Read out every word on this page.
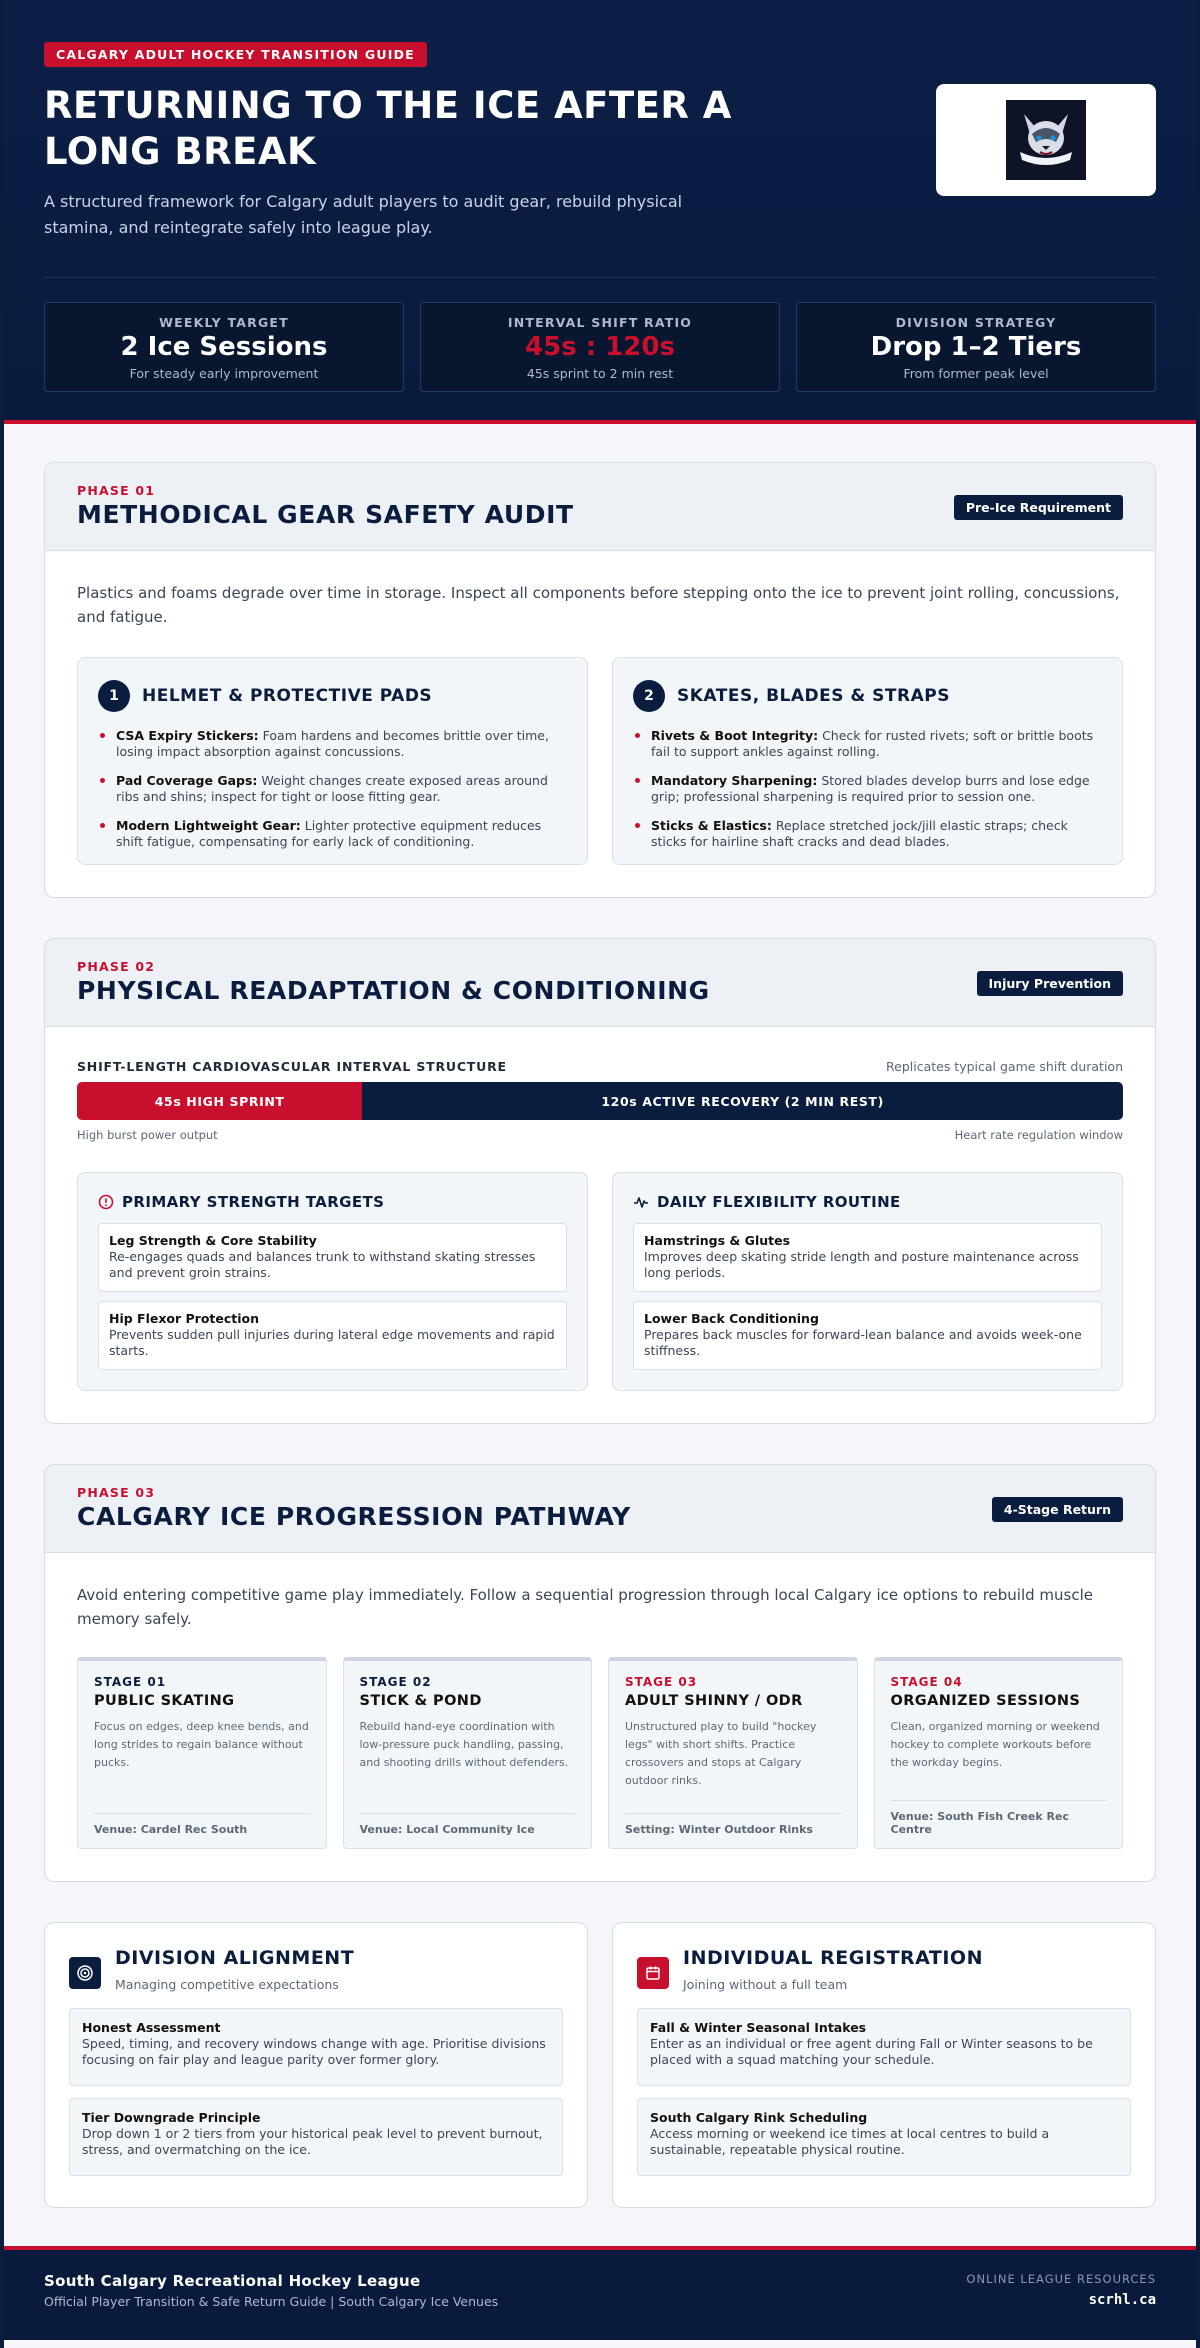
CALGARY ADULT HOCKEY TRANSITION GUIDE
RETURNING TO THE ICE AFTER A LONG BREAK

A structured framework for Calgary adult players to audit gear, rebuild physical stamina, and reintegrate safely into league play.

WEEKLY TARGET
2 Ice Sessions
For steady early improvement
INTERVAL SHIFT RATIO
45s : 120s
45s sprint to 2 min rest
DIVISION STRATEGY
Drop 1–2 Tiers
From former peak level
PHASE 01
METHODICAL GEAR SAFETY AUDIT	Pre-Ice Requirement

Plastics and foams degrade over time in storage. Inspect all components before stepping onto the ice to prevent joint rolling, concussions, and fatigue.

1	HELMET & PROTECTIVE PADS
CSA Expiry Stickers: Foam hardens and becomes brittle over time, losing impact absorption against concussions.
Pad Coverage Gaps: Weight changes create exposed areas around ribs and shins; inspect for tight or loose fitting gear.
Modern Lightweight Gear: Lighter protective equipment reduces shift fatigue, compensating for early lack of conditioning.
2	SKATES, BLADES & STRAPS
Rivets & Boot Integrity: Check for rusted rivets; soft or brittle boots fail to support ankles against rolling.
Mandatory Sharpening: Stored blades develop burrs and lose edge grip; professional sharpening is required prior to session one.
Sticks & Elastics: Replace stretched jock/jill elastic straps; check sticks for hairline shaft cracks and dead blades.
PHASE 02
PHYSICAL READAPTATION & CONDITIONING	Injury Prevention
SHIFT-LENGTH CARDIOVASCULAR INTERVAL STRUCTURE	Replicates typical game shift duration
45s HIGH SPRINT	120s ACTIVE RECOVERY (2 MIN REST)
High burst power output	Heart rate regulation window
PRIMARY STRENGTH TARGETS
Leg Strength & Core Stability
Re-engages quads and balances trunk to withstand skating stresses and prevent groin strains.
Hip Flexor Protection
Prevents sudden pull injuries during lateral edge movements and rapid starts.
DAILY FLEXIBILITY ROUTINE
Hamstrings & Glutes
Improves deep skating stride length and posture maintenance across long periods.
Lower Back Conditioning
Prepares back muscles for forward-lean balance and avoids week-one stiffness.
PHASE 03
CALGARY ICE PROGRESSION PATHWAY	4-Stage Return

Avoid entering competitive game play immediately. Follow a sequential progression through local Calgary ice options to rebuild muscle memory safely.

STAGE 01
PUBLIC SKATING
Focus on edges, deep knee bends, and long strides to regain balance without pucks.
Venue: Cardel Rec South
STAGE 02
STICK & POND
Rebuild hand-eye coordination with low-pressure puck handling, passing, and shooting drills without defenders.
Venue: Local Community Ice
STAGE 03
ADULT SHINNY / ODR
Unstructured play to build "hockey legs" with short shifts. Practice crossovers and stops at Calgary outdoor rinks.
Setting: Winter Outdoor Rinks
STAGE 04
ORGANIZED SESSIONS
Clean, organized morning or weekend hockey to complete workouts before the workday begins.
Venue: South Fish Creek Rec Centre
DIVISION ALIGNMENT
Managing competitive expectations
Honest Assessment
Speed, timing, and recovery windows change with age. Prioritise divisions focusing on fair play and league parity over former glory.
Tier Downgrade Principle
Drop down 1 or 2 tiers from your historical peak level to prevent burnout, stress, and overmatching on the ice.
INDIVIDUAL REGISTRATION
Joining without a full team
Fall & Winter Seasonal Intakes
Enter as an individual or free agent during Fall or Winter seasons to be placed with a squad matching your schedule.
South Calgary Rink Scheduling
Access morning or weekend ice times at local centres to build a sustainable, repeatable physical routine.
South Calgary Recreational Hockey League
Official Player Transition & Safe Return Guide | South Calgary Ice Venues
ONLINE LEAGUE RESOURCES
scrhl.ca
